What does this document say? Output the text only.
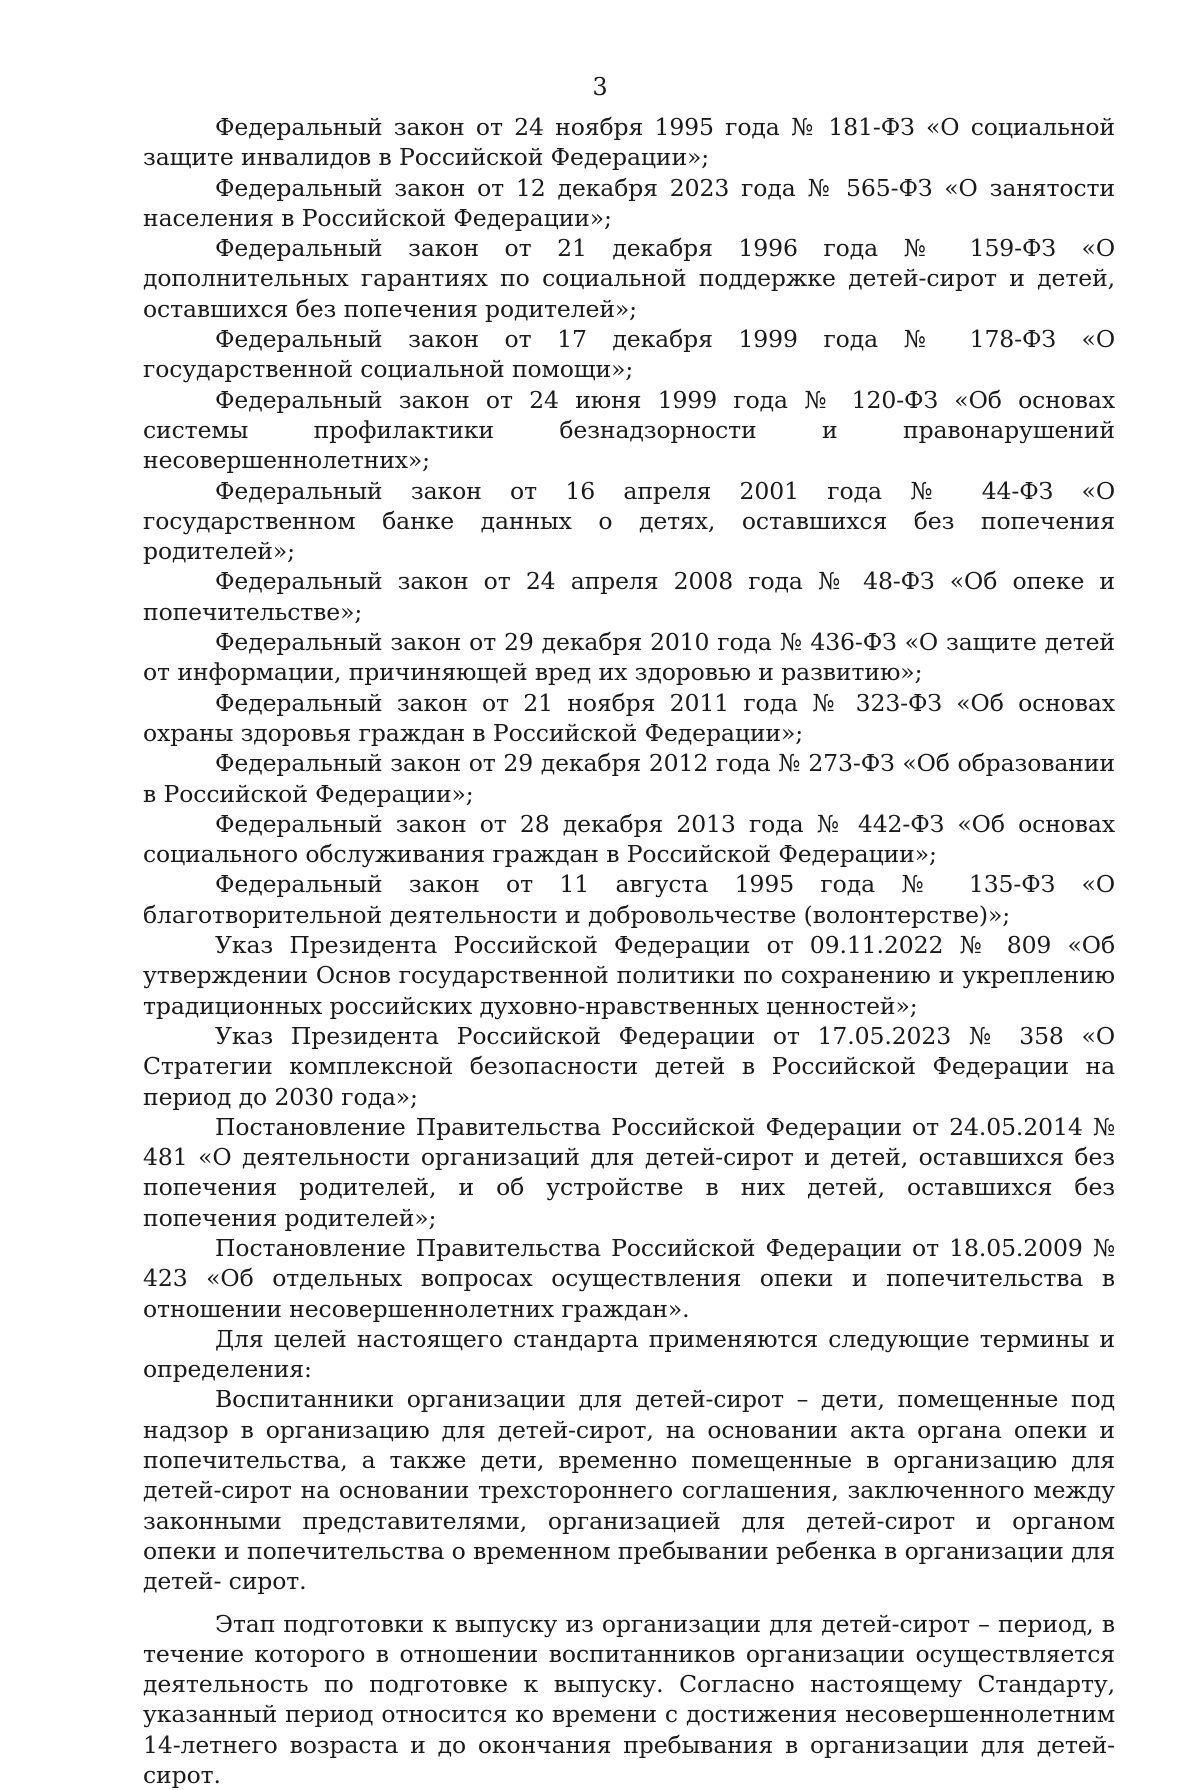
3

Федеральный закон от 24 ноября 1995 года № 181-ФЗ «О социальной защите инвалидов в Российской Федерации»;

Федеральный закон от 12 декабря 2023 года № 565-ФЗ «О занятости населения в Российской Федерации»;

Федеральный закон от 21 декабря 1996 года № 159-ФЗ «О дополнительных гарантиях по социальной поддержке детей-сирот и детей, оставшихся без попечения родителей»;

Федеральный закон от 17 декабря 1999 года № 178-ФЗ «О государственной социальной помощи»;

Федеральный закон от 24 июня 1999 года № 120-ФЗ «Об основах системы профилактики безнадзорности и правонарушений несовершеннолетних»;

Федеральный закон от 16 апреля 2001 года № 44-ФЗ «О государственном банке данных о детях, оставшихся без попечения родителей»;

Федеральный закон от 24 апреля 2008 года № 48-ФЗ «Об опеке и попечительстве»;

Федеральный закон от 29 декабря 2010 года № 436-ФЗ «О защите детей от информации, причиняющей вред их здоровью и развитию»;

Федеральный закон от 21 ноября 2011 года № 323-ФЗ «Об основах охраны здоровья граждан в Российской Федерации»;

Федеральный закон от 29 декабря 2012 года № 273-ФЗ «Об образовании в Российской Федерации»;

Федеральный закон от 28 декабря 2013 года № 442-ФЗ «Об основах социального обслуживания граждан в Российской Федерации»;

Федеральный закон от 11 августа 1995 года № 135-ФЗ «О благотворительной деятельности и добровольчестве (волонтерстве)»;

Указ Президента Российской Федерации от 09.11.2022 № 809 «Об утверждении Основ государственной политики по сохранению и укреплению традиционных российских духовно-нравственных ценностей»;

Указ Президента Российской Федерации от 17.05.2023 № 358 «О Стратегии комплексной безопасности детей в Российской Федерации на период до 2030 года»;

Постановление Правительства Российской Федерации от 24.05.2014 № 481 «О деятельности организаций для детей-сирот и детей, оставшихся без попечения родителей, и об устройстве в них детей, оставшихся без попечения родителей»;

Постановление Правительства Российской Федерации от 18.05.2009 № 423 «Об отдельных вопросах осуществления опеки и попечительства в отношении несовершеннолетних граждан».

Для целей настоящего стандарта применяются следующие термины и определения:

Воспитанники организации для детей-сирот – дети, помещенные под надзор в организацию для детей-сирот, на основании акта органа опеки и попечительства, а также дети, временно помещенные в организацию для детей-сирот на основании трехстороннего соглашения, заключенного между законными представителями, организацией для детей-сирот и органом опеки и попечительства о временном пребывании ребенка в организации для детей- сирот.

Этап подготовки к выпуску из организации для детей-сирот – период, в течение которого в отношении воспитанников организации осуществляется деятельность по подготовке к выпуску. Согласно настоящему Стандарту, указанный период относится ко времени с достижения несовершеннолетним 14-летнего возраста и до окончания пребывания в организации для детей-сирот.
